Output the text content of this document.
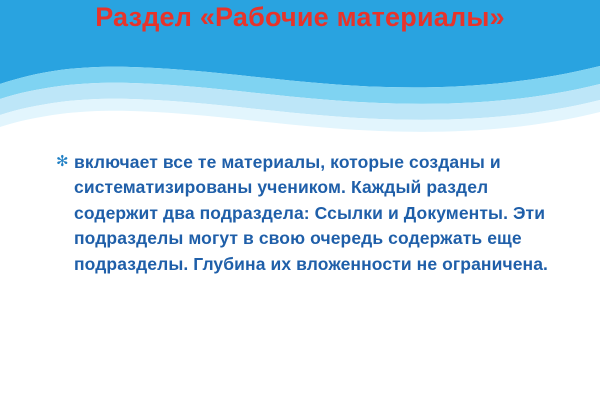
Раздел «Рабочие материалы»
✻ включает все те материалы, которые созданы и систематизированы учеником. Каждый раздел содержит два подраздела: Ссылки и Документы. Эти подразделы могут в свою очередь содержать еще подразделы. Глубина их вложенности не ограничена.
